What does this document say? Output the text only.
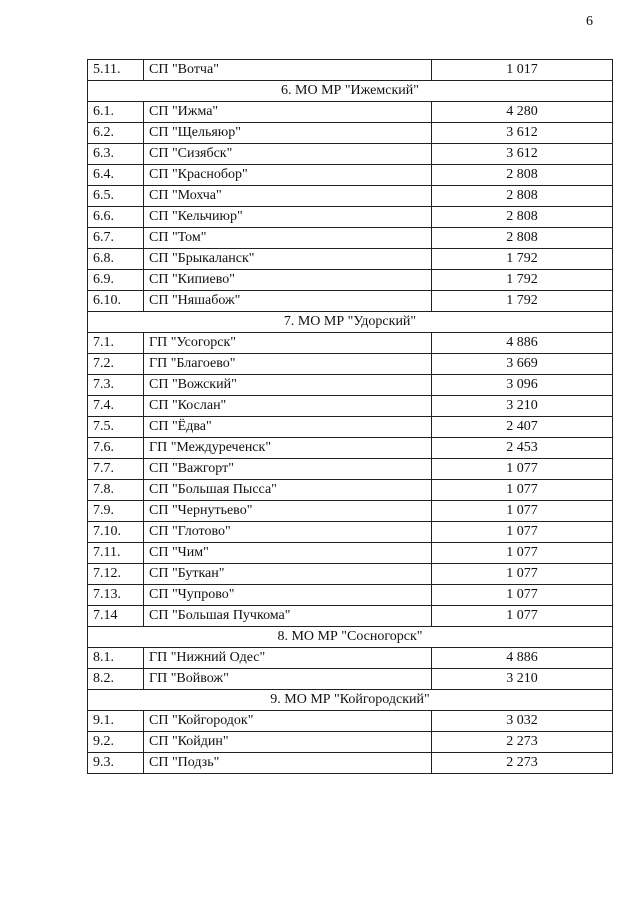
6
5.11.	СП "Вотча"	1 017
6. МО МР "Ижемский"		
6.1.	СП "Ижма"	4 280
6.2.	СП "Щельяюр"	3 612
6.3.	СП "Сизябск"	3 612
6.4.	СП "Краснобор"	2 808
6.5.	СП "Мохча"	2 808
6.6.	СП "Кельчиюр"	2 808
6.7.	СП "Том"	2 808
6.8.	СП "Брыкаланск"	1 792
6.9.	СП "Кипиево"	1 792
6.10.	СП "Няшабож"	1 792
7. МО МР "Удорский"		
7.1.	ГП "Усогорск"	4 886
7.2.	ГП "Благоево"	3 669
7.3.	СП "Вожский"	3 096
7.4.	СП "Кослан"	3 210
7.5.	СП "Ёдва"	2 407
7.6.	ГП "Междуреченск"	2 453
7.7.	СП "Важгорт"	1 077
7.8.	СП "Большая Пысса"	1 077
7.9.	СП "Чернутьево"	1 077
7.10.	СП "Глотово"	1 077
7.11.	СП "Чим"	1 077
7.12.	СП "Буткан"	1 077
7.13.	СП "Чупрово"	1 077
7.14	СП "Большая Пучкома"	1 077
8. МО МР "Сосногорск"		
8.1.	ГП "Нижний Одес"	4 886
8.2.	ГП "Войвож"	3 210
9. МО МР "Койгородский"		
9.1.	СП "Койгородок"	3 032
9.2.	СП "Койдин"	2 273
9.3.	СП "Подзь"	2 273
